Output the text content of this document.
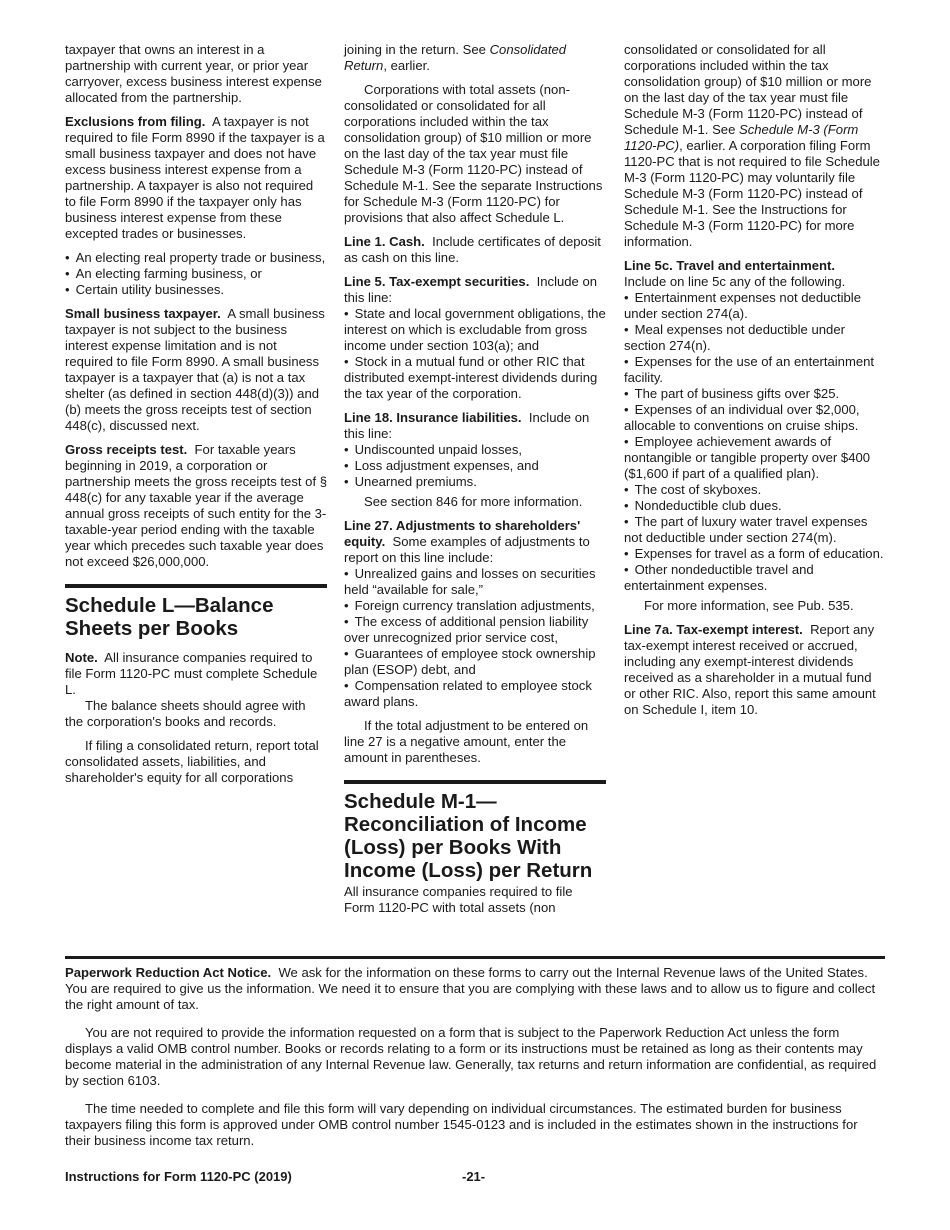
taxpayer that owns an interest in a partnership with current year, or prior year carryover, excess business interest expense allocated from the partnership.

Exclusions from filing. A taxpayer is not required to file Form 8990 if the taxpayer is a small business taxpayer and does not have excess business interest expense from a partnership. A taxpayer is also not required to file Form 8990 if the taxpayer only has business interest expense from these excepted trades or businesses.

• An electing real property trade or business,
• An electing farming business, or
• Certain utility businesses.

Small business taxpayer. A small business taxpayer is not subject to the business interest expense limitation and is not required to file Form 8990. A small business taxpayer is a taxpayer that (a) is not a tax shelter (as defined in section 448(d)(3)) and (b) meets the gross receipts test of section 448(c), discussed next.

Gross receipts test. For taxable years beginning in 2019, a corporation or partnership meets the gross receipts test of § 448(c) for any taxable year if the average annual gross receipts of such entity for the 3-taxable-year period ending with the taxable year which precedes such taxable year does not exceed $26,000,000.

Schedule L—Balance Sheets per Books

Note. All insurance companies required to file Form 1120-PC must complete Schedule L.

The balance sheets should agree with the corporation's books and records.

If filing a consolidated return, report total consolidated assets, liabilities, and shareholder's equity for all corporations

joining in the return. See Consolidated Return, earlier.

Corporations with total assets (non-consolidated or consolidated for all corporations included within the tax consolidation group) of $10 million or more on the last day of the tax year must file Schedule M-3 (Form 1120-PC) instead of Schedule M-1. See the separate Instructions for Schedule M-3 (Form 1120-PC) for provisions that also affect Schedule L.

Line 1. Cash. Include certificates of deposit as cash on this line.

Line 5. Tax-exempt securities. Include on this line:

• State and local government obligations, the interest on which is excludable from gross income under section 103(a); and
• Stock in a mutual fund or other RIC that distributed exempt-interest dividends during the tax year of the corporation.

Line 18. Insurance liabilities. Include on this line:

• Undiscounted unpaid losses,
• Loss adjustment expenses, and
• Unearned premiums.

See section 846 for more information.

Line 27. Adjustments to shareholders' equity. Some examples of adjustments to report on this line include:

• Unrealized gains and losses on securities held “available for sale,”
• Foreign currency translation adjustments,
• The excess of additional pension liability over unrecognized prior service cost,
• Guarantees of employee stock ownership plan (ESOP) debt, and
• Compensation related to employee stock award plans.

If the total adjustment to be entered on line 27 is a negative amount, enter the amount in parentheses.

Schedule M-1—Reconciliation of Income (Loss) per Books With Income (Loss) per Return

All insurance companies required to file Form 1120-PC with total assets (non

consolidated or consolidated for all corporations included within the tax consolidation group) of $10 million or more on the last day of the tax year must file Schedule M-3 (Form 1120-PC) instead of Schedule M-1. See Schedule M-3 (Form 1120-PC), earlier. A corporation filing Form 1120-PC that is not required to file Schedule M-3 (Form 1120-PC) may voluntarily file Schedule M-3 (Form 1120-PC) instead of Schedule M-1. See the Instructions for Schedule M-3 (Form 1120-PC) for more information.

Line 5c. Travel and entertainment.
Include on line 5c any of the following.

• Entertainment expenses not deductible under section 274(a).
• Meal expenses not deductible under section 274(n).
• Expenses for the use of an entertainment facility.
• The part of business gifts over $25.
• Expenses of an individual over $2,000, allocable to conventions on cruise ships.
• Employee achievement awards of nontangible or tangible property over $400 ($1,600 if part of a qualified plan).
• The cost of skyboxes.
• Nondeductible club dues.
• The part of luxury water travel expenses not deductible under section 274(m).
• Expenses for travel as a form of education.
• Other nondeductible travel and entertainment expenses.

For more information, see Pub. 535.

Line 7a. Tax-exempt interest. Report any tax-exempt interest received or accrued, including any exempt-interest dividends received as a shareholder in a mutual fund or other RIC. Also, report this same amount on Schedule I, item 10.

Paperwork Reduction Act Notice. We ask for the information on these forms to carry out the Internal Revenue laws of the United States. You are required to give us the information. We need it to ensure that you are complying with these laws and to allow us to figure and collect the right amount of tax.

You are not required to provide the information requested on a form that is subject to the Paperwork Reduction Act unless the form displays a valid OMB control number. Books or records relating to a form or its instructions must be retained as long as their contents may become material in the administration of any Internal Revenue law. Generally, tax returns and return information are confidential, as required by section 6103.

The time needed to complete and file this form will vary depending on individual circumstances. The estimated burden for business taxpayers filing this form is approved under OMB control number 1545-0123 and is included in the estimates shown in the instructions for their business income tax return.

Instructions for Form 1120-PC (2019)	-21-
